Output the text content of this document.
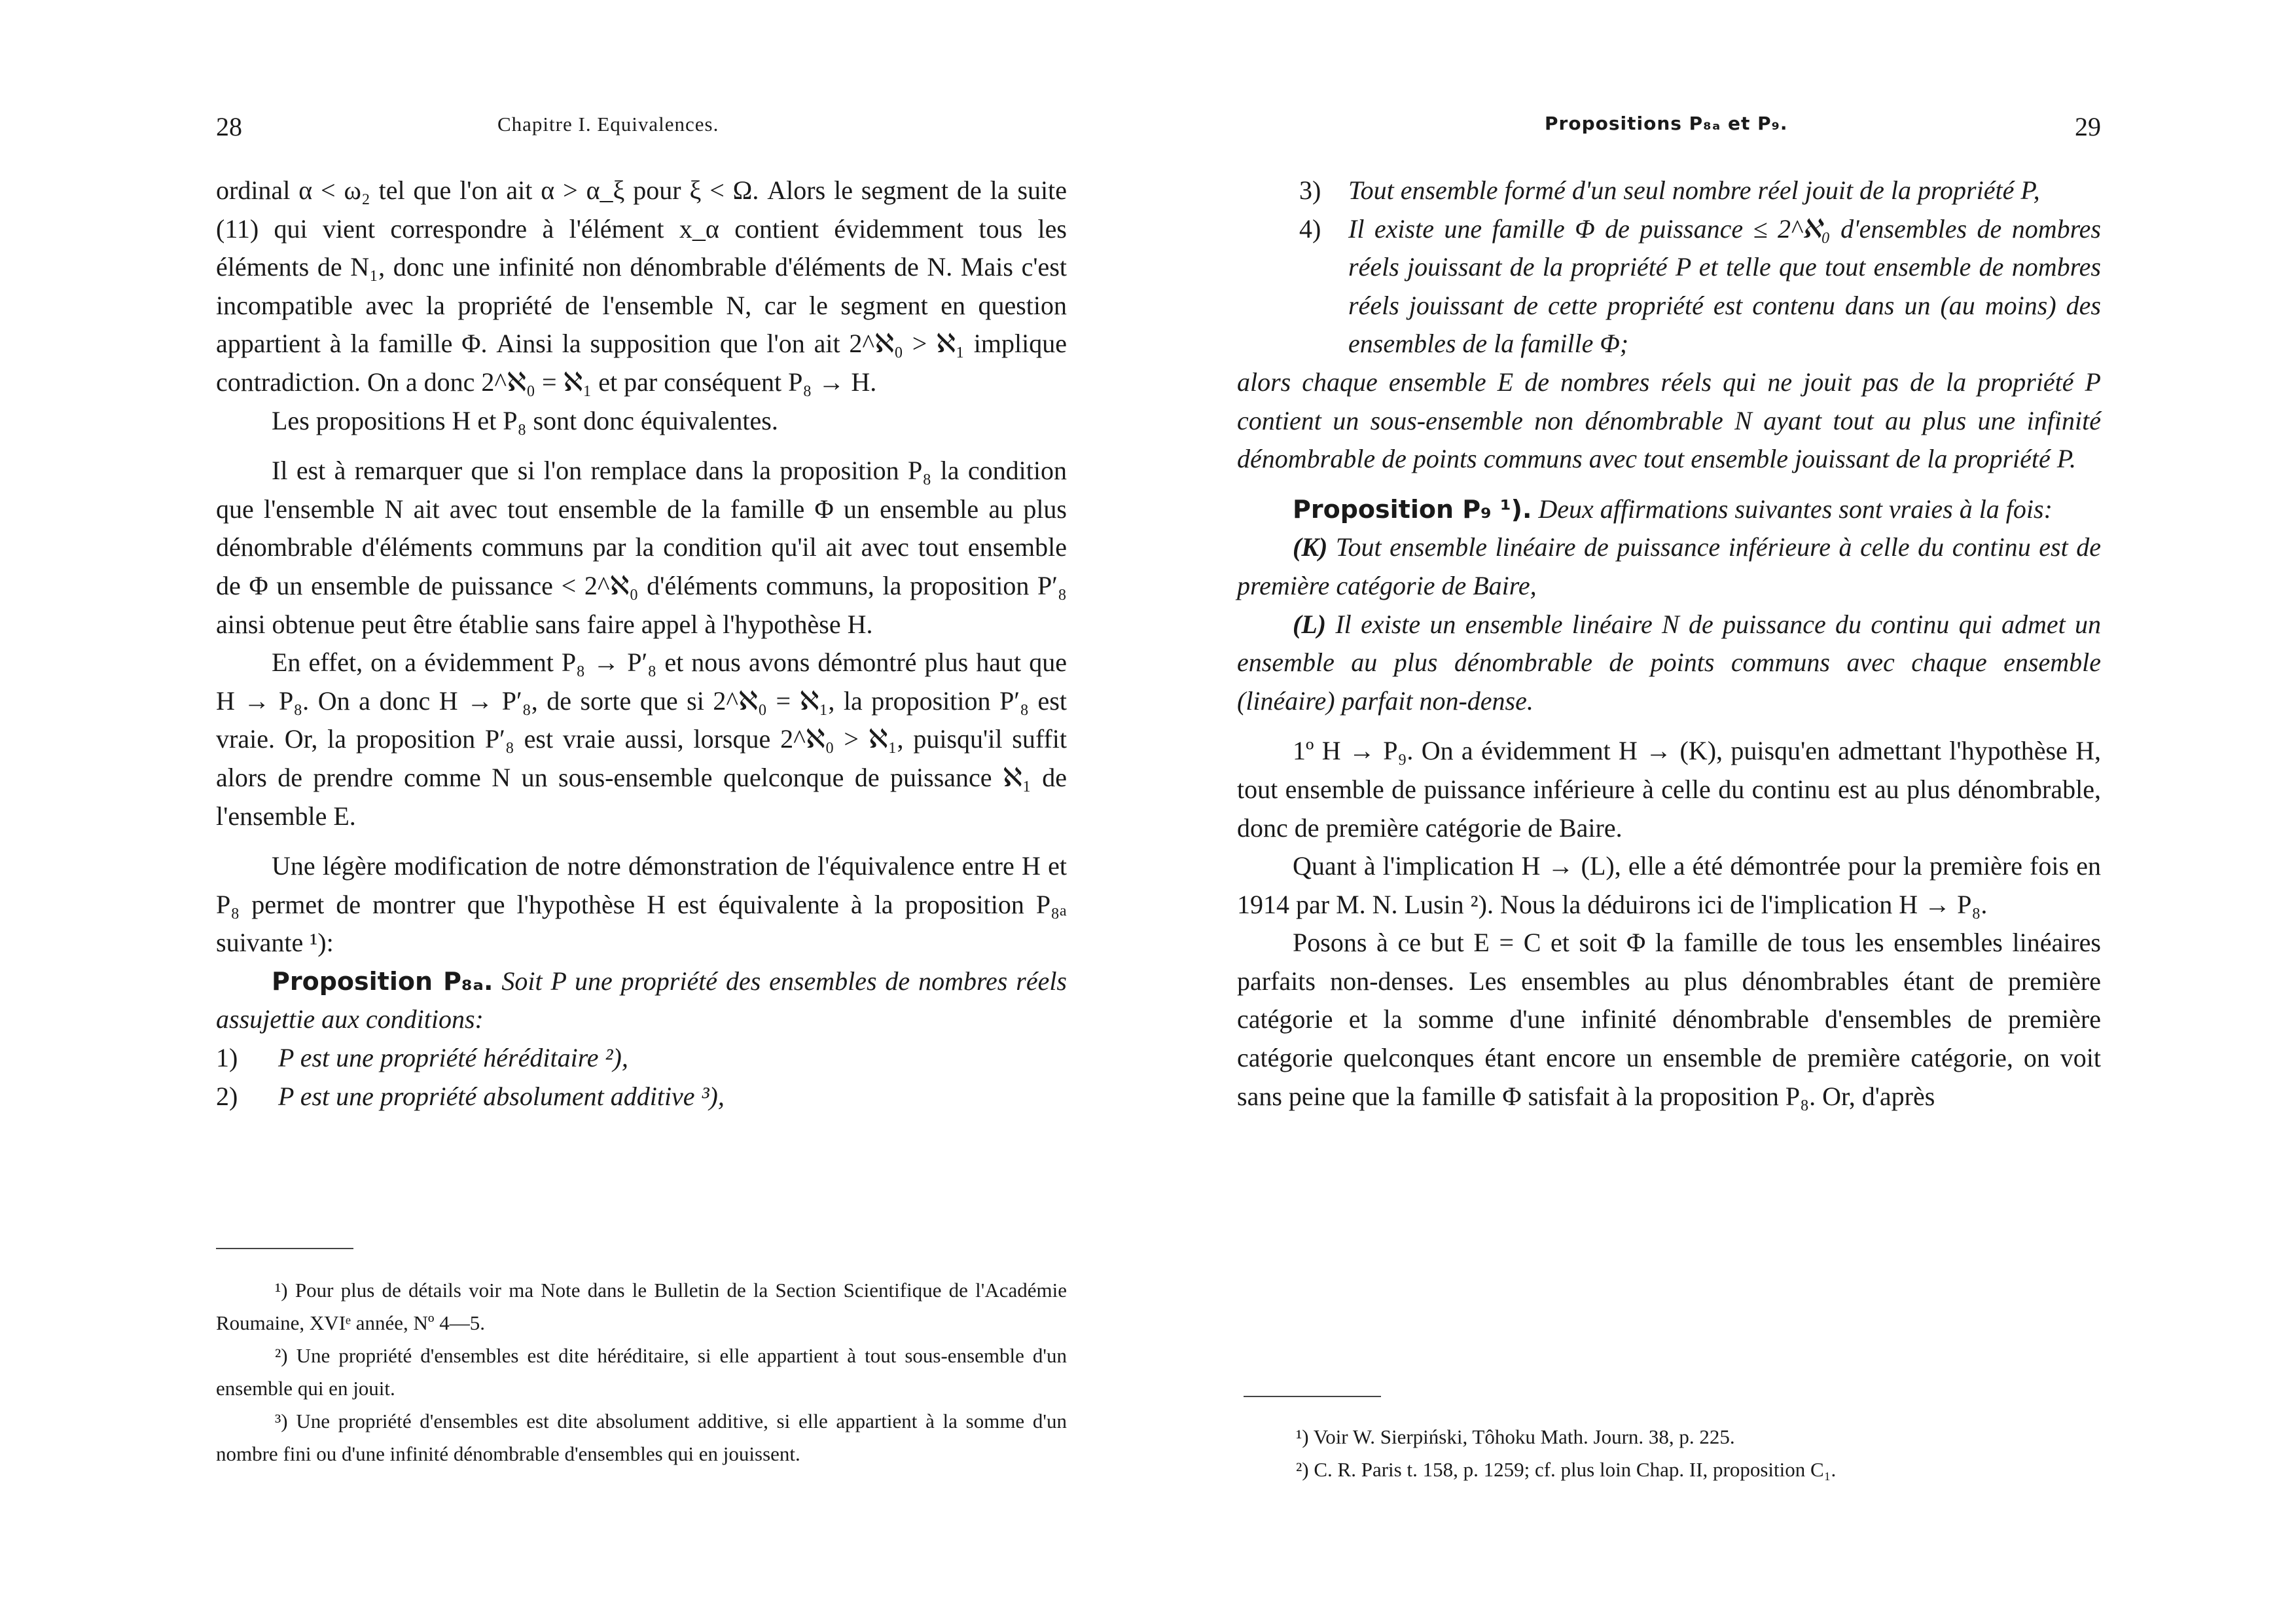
28	Chapitre I. Equivalences.

ordinal α < ω₂ tel que l'on ait α > α_ξ pour ξ < Ω. Alors le segment de la suite (11) qui vient correspondre à l'élément x_α contient évidemment tous les éléments de N₁, donc une infinité non dénombrable d'éléments de N. Mais c'est incompatible avec la propriété de l'ensemble N, car le segment en question appartient à la famille Φ. Ainsi la supposition que l'on ait 2^ℵ₀ > ℵ₁ implique contradiction. On a donc 2^ℵ₀ = ℵ₁ et par conséquent P₈ → H.

Les propositions H et P₈ sont donc équivalentes.

Il est à remarquer que si l'on remplace dans la proposition P₈ la condition que l'ensemble N ait avec tout ensemble de la famille Φ un ensemble au plus dénombrable d'éléments communs par la condition qu'il ait avec tout ensemble de Φ un ensemble de puissance < 2^ℵ₀ d'éléments communs, la proposition P′₈ ainsi obtenue peut être établie sans faire appel à l'hypothèse H.

En effet, on a évidemment P₈ → P′₈ et nous avons démontré plus haut que H → P₈. On a donc H → P′₈, de sorte que si 2^ℵ₀ = ℵ₁, la proposition P′₈ est vraie. Or, la proposition P′₈ est vraie aussi, lorsque 2^ℵ₀ > ℵ₁, puisqu'il suffit alors de prendre comme N un sous-ensemble quelconque de puissance ℵ₁ de l'ensemble E.

Une légère modification de notre démonstration de l'équivalence entre H et P₈ permet de montrer que l'hypothèse H est équivalente à la proposition P₈ₐ suivante ¹):

Proposition P₈ₐ. Soit P une propriété des ensembles de nombres réels assujettie aux conditions:

1) P est une propriété héréditaire ²),

2) P est une propriété absolument additive ³),

¹) Pour plus de détails voir ma Note dans le Bulletin de la Section Scientifique de l'Académie Roumaine, XVIᵉ année, Nº 4—5.

²) Une propriété d'ensembles est dite héréditaire, si elle appartient à tout sous-ensemble d'un ensemble qui en jouit.

³) Une propriété d'ensembles est dite absolument additive, si elle appartient à la somme d'un nombre fini ou d'une infinité dénombrable d'ensembles qui en jouissent.

Propositions P₈ₐ et P₉.	29

3) Tout ensemble formé d'un seul nombre réel jouit de la propriété P,

4) Il existe une famille Φ de puissance ≤ 2^ℵ₀ d'ensembles de nombres réels jouissant de la propriété P et telle que tout ensemble de nombres réels jouissant de cette propriété est contenu dans un (au moins) des ensembles de la famille Φ;

alors chaque ensemble E de nombres réels qui ne jouit pas de la propriété P contient un sous-ensemble non dénombrable N ayant tout au plus une infinité dénombrable de points communs avec tout ensemble jouissant de la propriété P.

Proposition P₉ ¹). Deux affirmations suivantes sont vraies à la fois:

(K) Tout ensemble linéaire de puissance inférieure à celle du continu est de première catégorie de Baire,

(L) Il existe un ensemble linéaire N de puissance du continu qui admet un ensemble au plus dénombrable de points communs avec chaque ensemble (linéaire) parfait non-dense.

1º H → P₉. On a évidemment H → (K), puisqu'en admettant l'hypothèse H, tout ensemble de puissance inférieure à celle du continu est au plus dénombrable, donc de première catégorie de Baire.

Quant à l'implication H → (L), elle a été démontrée pour la première fois en 1914 par M. N. Lusin ²). Nous la déduirons ici de l'implication H → P₈.

Posons à ce but E = C et soit Φ la famille de tous les ensembles linéaires parfaits non-denses. Les ensembles au plus dénombrables étant de première catégorie et la somme d'une infinité dénombrable d'ensembles de première catégorie quelconques étant encore un ensemble de première catégorie, on voit sans peine que la famille Φ satisfait à la proposition P₈. Or, d'après

¹) Voir W. Sierpiński, Tôhoku Math. Journ. 38, p. 225.

²) C. R. Paris t. 158, p. 1259; cf. plus loin Chap. II, proposition C₁.
